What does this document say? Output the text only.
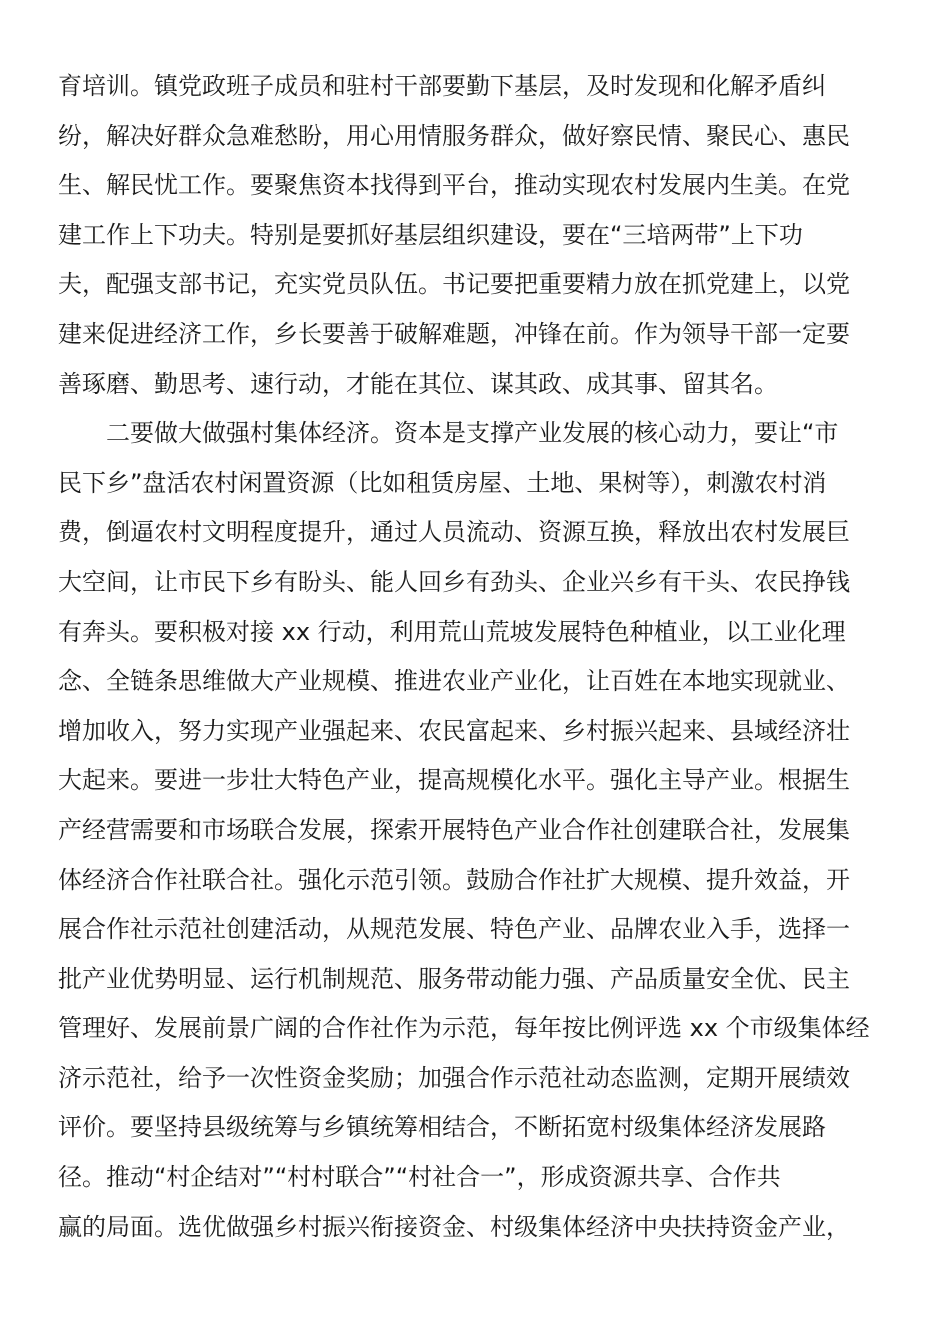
育培训。镇党政班子成员和驻村干部要勤下基层，及时发现和化解矛盾纠
纷，解决好群众急难愁盼，用心用情服务群众，做好察民情、聚民心、惠民
生、解民忧工作。要聚焦资本找得到平台，推动实现农村发展内生美。在党
建工作上下功夫。特别是要抓好基层组织建设，要在“三培两带”上下功
夫，配强支部书记，充实党员队伍。书记要把重要精力放在抓党建上，以党
建来促进经济工作，乡长要善于破解难题，冲锋在前。作为领导干部一定要
善琢磨、勤思考、速行动，才能在其位、谋其政、成其事、留其名。
二要做大做强村集体经济。资本是支撑产业发展的核心动力，要让“市
民下乡”盘活农村闲置资源（比如租赁房屋、土地、果树等），刺激农村消
费，倒逼农村文明程度提升，通过人员流动、资源互换，释放出农村发展巨
大空间，让市民下乡有盼头、能人回乡有劲头、企业兴乡有干头、农民挣钱
有奔头。要积极对接 xx 行动，利用荒山荒坡发展特色种植业，以工业化理
念、全链条思维做大产业规模、推进农业产业化，让百姓在本地实现就业、
增加收入，努力实现产业强起来、农民富起来、乡村振兴起来、县域经济壮
大起来。要进一步壮大特色产业，提高规模化水平。强化主导产业。根据生
产经营需要和市场联合发展，探索开展特色产业合作社创建联合社，发展集
体经济合作社联合社。强化示范引领。鼓励合作社扩大规模、提升效益，开
展合作社示范社创建活动，从规范发展、特色产业、品牌农业入手，选择一
批产业优势明显、运行机制规范、服务带动能力强、产品质量安全优、民主
管理好、发展前景广阔的合作社作为示范，每年按比例评选 xx 个市级集体经
济示范社，给予一次性资金奖励；加强合作示范社动态监测，定期开展绩效
评价。要坚持县级统筹与乡镇统筹相结合，不断拓宽村级集体经济发展路
径。推动“村企结对”“村村联合”“村社合一”，形成资源共享、合作共
赢的局面。选优做强乡村振兴衔接资金、村级集体经济中央扶持资金产业，
